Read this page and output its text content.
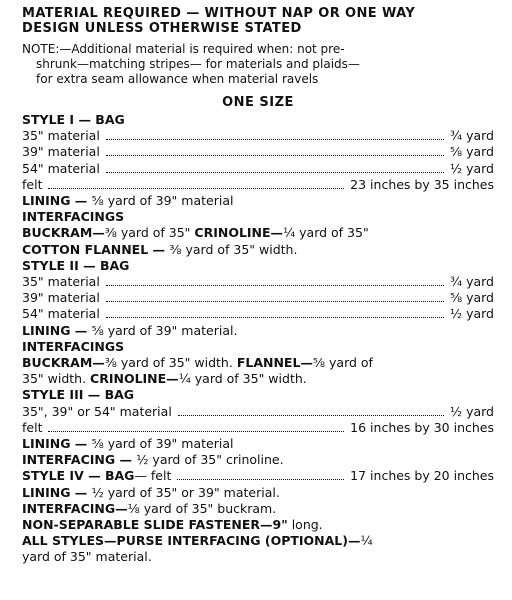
MATERIAL REQUIRED — WITHOUT NAP OR ONE WAY
DESIGN UNLESS OTHERWISE STATED
NOTE:—Additional material is required when: not pre-
shrunk—matching stripes— for materials and plaids—
for extra seam allowance when material ravels
ONE SIZE
STYLE I — BAG
35" material	¾ yard
39" material	⅝ yard
54" material	½ yard
felt	23 inches by 35 inches
LINING — ⅝ yard of 39" material
INTERFACINGS
BUCKRAM—⅜ yard of 35" CRINOLINE—¼ yard of 35"
COTTON FLANNEL — ⅜ yard of 35" width.
STYLE II — BAG
35" material	¾ yard
39" material	⅝ yard
54" material	½ yard
LINING — ⅝ yard of 39" material.
INTERFACINGS
BUCKRAM—⅜ yard of 35" width. FLANNEL—⅝ yard of
35" width. CRINOLINE—¼ yard of 35" width.
STYLE III — BAG
35", 39" or 54" material	½ yard
felt	16 inches by 30 inches
LINING — ⅝ yard of 39" material
INTERFACING — ½ yard of 35" crinoline.
STYLE IV — BAG — felt	17 inches by 20 inches
LINING — ½ yard of 35" or 39" material.
INTERFACING—⅛ yard of 35" buckram.
NON-SEPARABLE SLIDE FASTENER—9" long.
ALL STYLES—PURSE INTERFACING (OPTIONAL)—¼
yard of 35" material.
